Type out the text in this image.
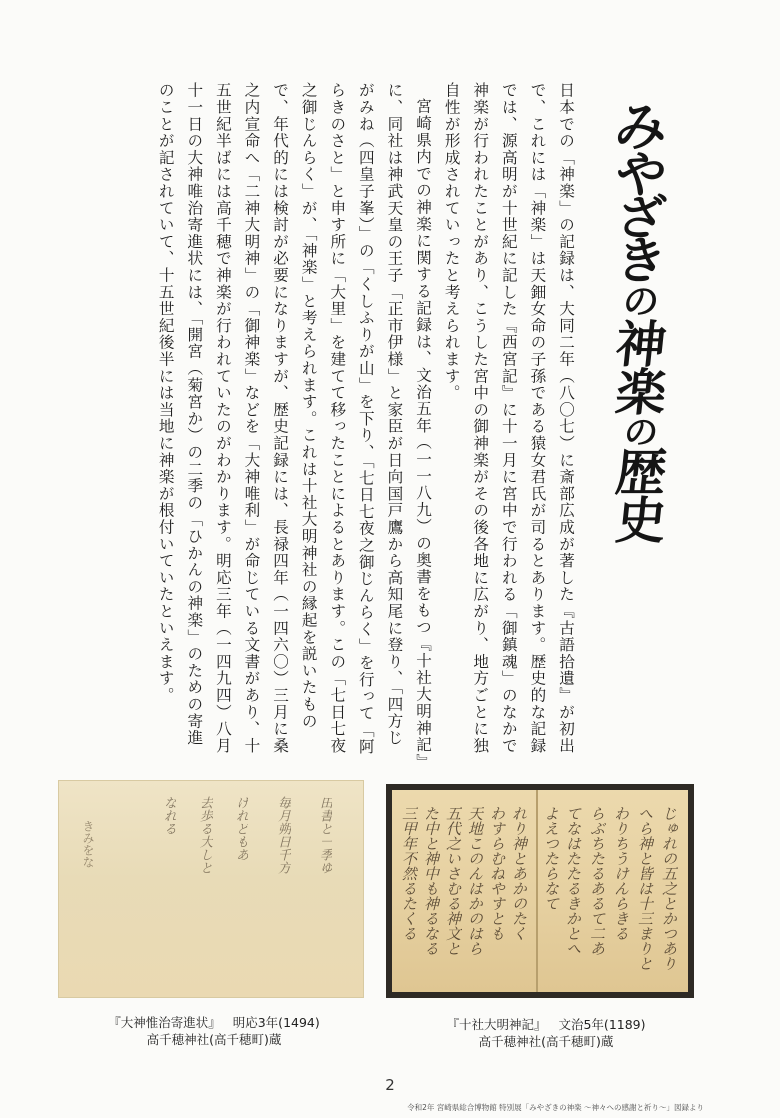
日本での「神楽」の記録は、大同二年（八〇七）に斎部広成が著した『古語拾遺』が初出で、これには「神楽」は天鈿女命の子孫である猿女君氏が司るとあります。歴史的な記録では、源高明が十世紀に記した『西宮記』に十一月に宮中で行われる「御鎮魂」のなかで神楽が行われたことがあり、こうした宮中の御神楽がその後各地に広がり、地方ごとに独自性が形成されていったと考えられます。

宮崎県内での神楽に関する記録は、文治五年（一一八九）の奥書をもつ『十社大明神記』に、同社は神武天皇の王子「正市伊様」と家臣が日向国戸鷹から高知尾に登り、「四方じがみね（四皇子峯）」の「くしふりが山」を下り、「七日七夜之御じんらく」を行って「阿らきのさと」と申す所に「大里」を建てて移ったことによるとあります。この「七日七夜之御じんらく」が、「神楽」と考えられます。これは十社大明神社の縁起を説いたもので、年代的には検討が必要になりますが、歴史記録には、長禄四年（一四六〇）三月に桑之内宣命へ「二神大明神」の「御神楽」などを「大神唯利」が命じている文書があり、十五世紀半ばには高千穂で神楽が行われていたのがわかります。明応三年（一四九四）八月十一日の大神唯治寄進状には、「開宮（菊宮か）の二季の「ひかんの神楽」のための寄進のことが記されていて、十五世紀後半には当地に神楽が根付いていたといえます。	み
や
ざ
き
の
神
楽
の
歴
史
田書と一季ゆ
毎月朔日千方
けれどもあ
去歩る大しと
なれる
きみをな	れり神とあかのたく
わすらむねやすとも
天地このんはかのはら
五代之いさむる神文と
た中と神中も神るなる
三甲年不然るたくる	じゅれの五之とかつあり
へら神と皆は十三まりと
わりちうけんらきる
らぶちたるあるて二あ
てなはたたるきかとへ
よえつたらなて
『大神惟治寄進状』 明応3年(1494)
高千穂神社(高千穂町)蔵
『十社大明神記』 文治5年(1189)
高千穂神社(高千穂町)蔵
2
令和2年 宮崎県総合博物館 特別展「みやざきの神楽 ～神々への感謝と祈り～」図録より
